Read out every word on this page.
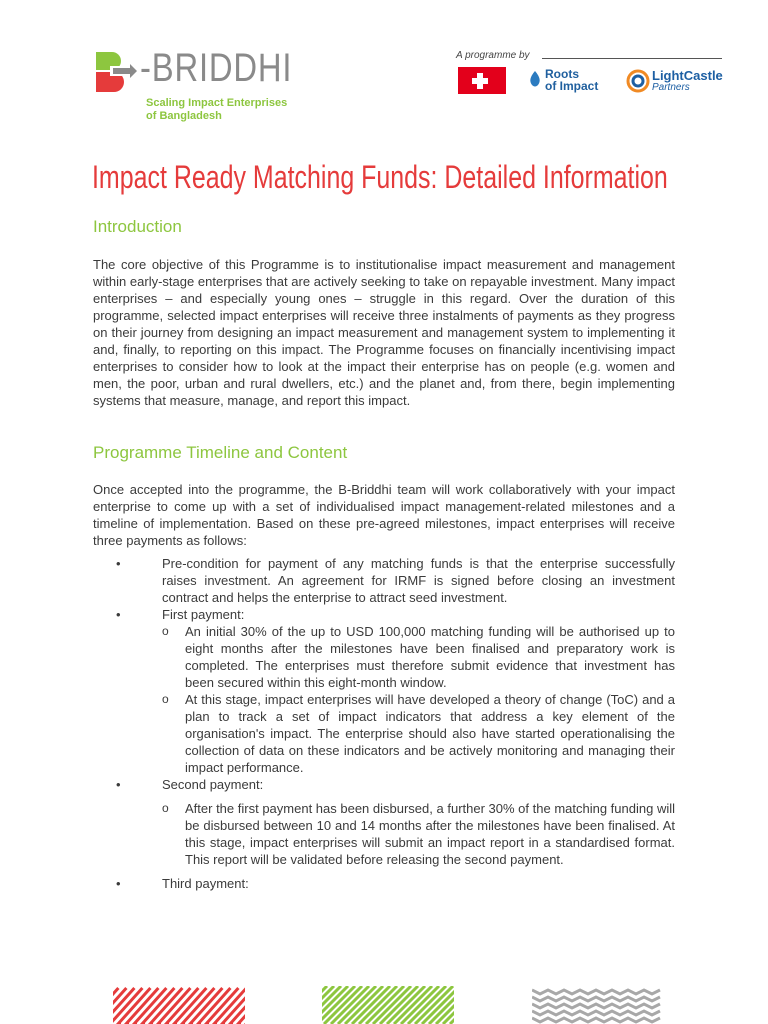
-BRIDDHI
Scaling Impact Enterprises
of Bangladesh
A programme by
Roots
of Impact
LightCastle
Partners
Impact Ready Matching Funds: Detailed Information
Introduction

The core objective of this Programme is to institutionalise impact measurement and management within early-stage enterprises that are actively seeking to take on repayable investment. Many impact enterprises – and especially young ones – struggle in this regard. Over the duration of this programme, selected impact enterprises will receive three instalments of payments as they progress on their journey from designing an impact measurement and management system to implementing it and, finally, to reporting on this impact. The Programme focuses on financially incentivising impact enterprises to consider how to look at the impact their enterprise has on people (e.g. women and men, the poor, urban and rural dwellers, etc.) and the planet and, from there, begin implementing systems that measure, manage, and report this impact.

Programme Timeline and Content

Once accepted into the programme, the B-Briddhi team will work collaboratively with your impact enterprise to come up with a set of individualised impact management-related milestones and a timeline of implementation. Based on these pre-agreed milestones, impact enterprises will receive three payments as follows:

•	Pre-condition for payment of any matching funds is that the enterprise successfully raises investment. An agreement for IRMF is signed before closing an investment contract and helps the enterprise to attract seed investment.
•	First payment:
o An initial 30% of the up to USD 100,000 matching funding will be authorised up to eight months after the milestones have been finalised and preparatory work is completed. The enterprises must therefore submit evidence that investment has been secured within this eight-month window.
o At this stage, impact enterprises will have developed a theory of change (ToC) and a plan to track a set of impact indicators that address a key element of the organisation's impact. The enterprise should also have started operationalising the collection of data on these indicators and be actively monitoring and managing their impact performance.
•	Second payment:
o After the first payment has been disbursed, a further 30% of the matching funding will be disbursed between 10 and 14 months after the milestones have been finalised. At this stage, impact enterprises will submit an impact report in a standardised format. This report will be validated before releasing the second payment.
•	Third payment:
